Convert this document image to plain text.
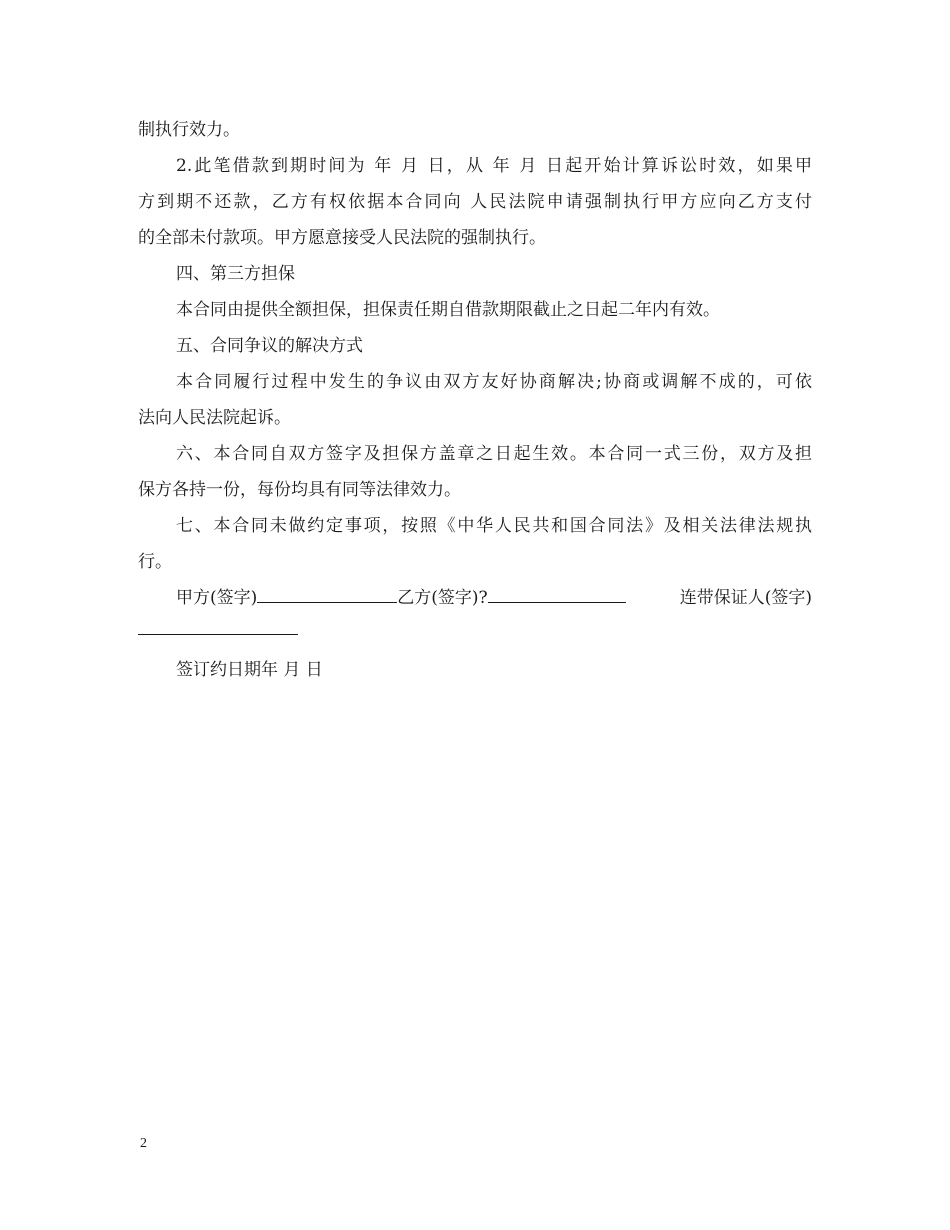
制执行效力。
2.此笔借款到期时间为 年 月 日，从 年 月 日起开始计算诉讼时效，如果甲
方到期不还款，乙方有权依据本合同向 人民法院申请强制执行甲方应向乙方支付
的全部未付款项。甲方愿意接受人民法院的强制执行。
四、第三方担保
本合同由提供全额担保，担保责任期自借款期限截止之日起二年内有效。
五、合同争议的解决方式
本合同履行过程中发生的争议由双方友好协商解决;协商或调解不成的，可依
法向人民法院起诉。
六、本合同自双方签字及担保方盖章之日起生效。本合同一式三份，双方及担
保方各持一份，每份均具有同等法律效力。
七、本合同未做约定事项，按照《中华人民共和国合同法》及相关法律法规执
行。
甲方(签字)	乙方(签字)?	连带保证人(签字)
签订约日期年 月 日
2
